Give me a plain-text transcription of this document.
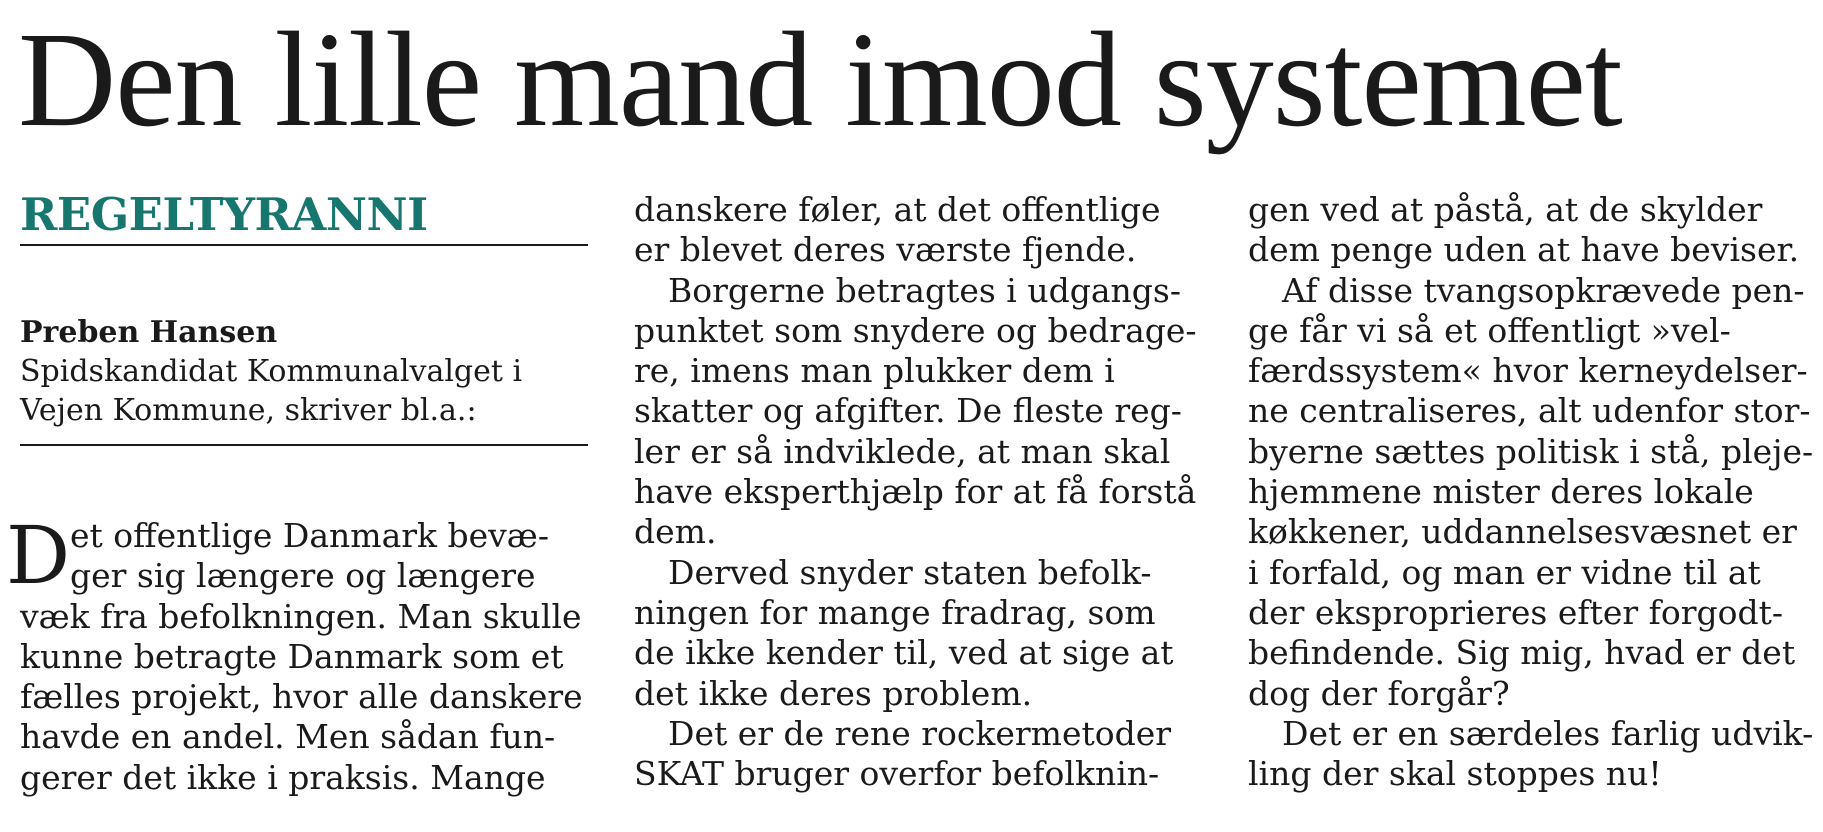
Den lille mand imod systemet
REGELTYRANNI
Preben Hansen
Spidskandidat Kommunalvalget i
Vejen Kommune, skriver bl.a.:
D et offentlige Danmark bevæ-
ger sig længere og længere
væk fra befolkningen. Man skulle
kunne betragte Danmark som et
fælles projekt, hvor alle danskere
havde en andel. Men sådan fun-
gerer det ikke i praksis. Mange
danskere føler, at det offentlige
er blevet deres værste fjende.
Borgerne betragtes i udgangs-
punktet som snydere og bedrage-
re, imens man plukker dem i
skatter og afgifter. De fleste reg-
ler er så indviklede, at man skal
have eksperthjælp for at få forstå
dem.
Derved snyder staten befolk-
ningen for mange fradrag, som
de ikke kender til, ved at sige at
det ikke deres problem.
Det er de rene rockermetoder
SKAT bruger overfor befolknin-
gen ved at påstå, at de skylder
dem penge uden at have beviser.
Af disse tvangsopkrævede pen-
ge får vi så et offentligt »vel-
færdssystem« hvor kerneydelser-
ne centraliseres, alt udenfor stor-
byerne sættes politisk i stå, pleje-
hjemmene mister deres lokale
køkkener, uddannelsesvæsnet er
i forfald, og man er vidne til at
der eksproprieres efter forgodt-
befindende. Sig mig, hvad er det
dog der forgår?
Det er en særdeles farlig udvik-
ling der skal stoppes nu!
